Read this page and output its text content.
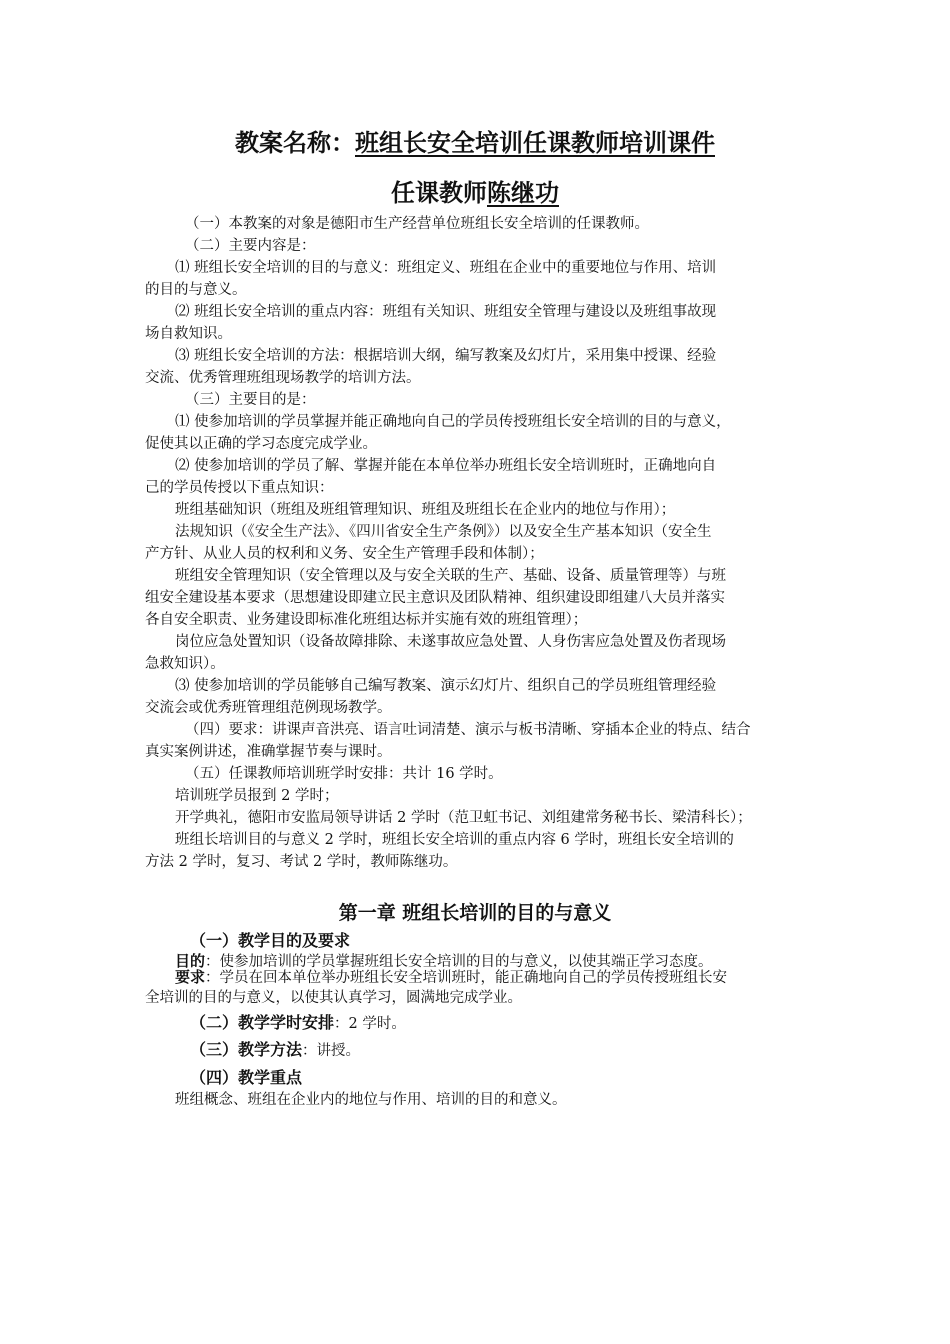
教案名称：班组长安全培训任课教师培训课件
任课教师陈继功

（一）本教案的对象是德阳市生产经营单位班组长安全培训的任课教师。

（二）主要内容是：

⑴ 班组长安全培训的目的与意义：班组定义、班组在企业中的重要地位与作用、培训

的目的与意义。

⑵ 班组长安全培训的重点内容：班组有关知识、班组安全管理与建设以及班组事故现

场自救知识。

⑶ 班组长安全培训的方法：根据培训大纲，编写教案及幻灯片，采用集中授课、经验

交流、优秀管理班组现场教学的培训方法。

（三）主要目的是：

⑴ 使参加培训的学员掌握并能正确地向自己的学员传授班组长安全培训的目的与意义，

促使其以正确的学习态度完成学业。

⑵ 使参加培训的学员了解、掌握并能在本单位举办班组长安全培训班时，正确地向自

己的学员传授以下重点知识：

班组基础知识（班组及班组管理知识、班组及班组长在企业内的地位与作用）；

法规知识（《安全生产法》、《四川省安全生产条例》）以及安全生产基本知识（安全生

产方针、从业人员的权利和义务、安全生产管理手段和体制）；

班组安全管理知识（安全管理以及与安全关联的生产、基础、设备、质量管理等）与班

组安全建设基本要求（思想建设即建立民主意识及团队精神、组织建设即组建八大员并落实

各自安全职责、业务建设即标准化班组达标并实施有效的班组管理）；

岗位应急处置知识（设备故障排除、未遂事故应急处置、人身伤害应急处置及伤者现场

急救知识）。

⑶ 使参加培训的学员能够自己编写教案、演示幻灯片、组织自己的学员班组管理经验

交流会或优秀班管理组范例现场教学。

（四）要求：讲课声音洪亮、语言吐词清楚、演示与板书清晰、穿插本企业的特点、结合

真实案例讲述，准确掌握节奏与课时。

（五）任课教师培训班学时安排：共计 16 学时。

培训班学员报到 2 学时；

开学典礼，德阳市安监局领导讲话 2 学时（范卫虹书记、刘组建常务秘书长、梁清科长）；

班组长培训目的与意义 2 学时，班组长安全培训的重点内容 6 学时，班组长安全培训的

方法 2 学时，复习、考试 2 学时，教师陈继功。

第一章 班组长培训的目的与意义
（一）教学目的及要求
目的：使参加培训的学员掌握班组长安全培训的目的与意义，以使其端正学习态度。
要求：学员在回本单位举办班组长安全培训班时，能正确地向自己的学员传授班组长安
全培训的目的与意义，以使其认真学习，圆满地完成学业。
（二）教学学时安排：2 学时。
（三）教学方法：讲授。
（四）教学重点
班组概念、班组在企业内的地位与作用、培训的目的和意义。
